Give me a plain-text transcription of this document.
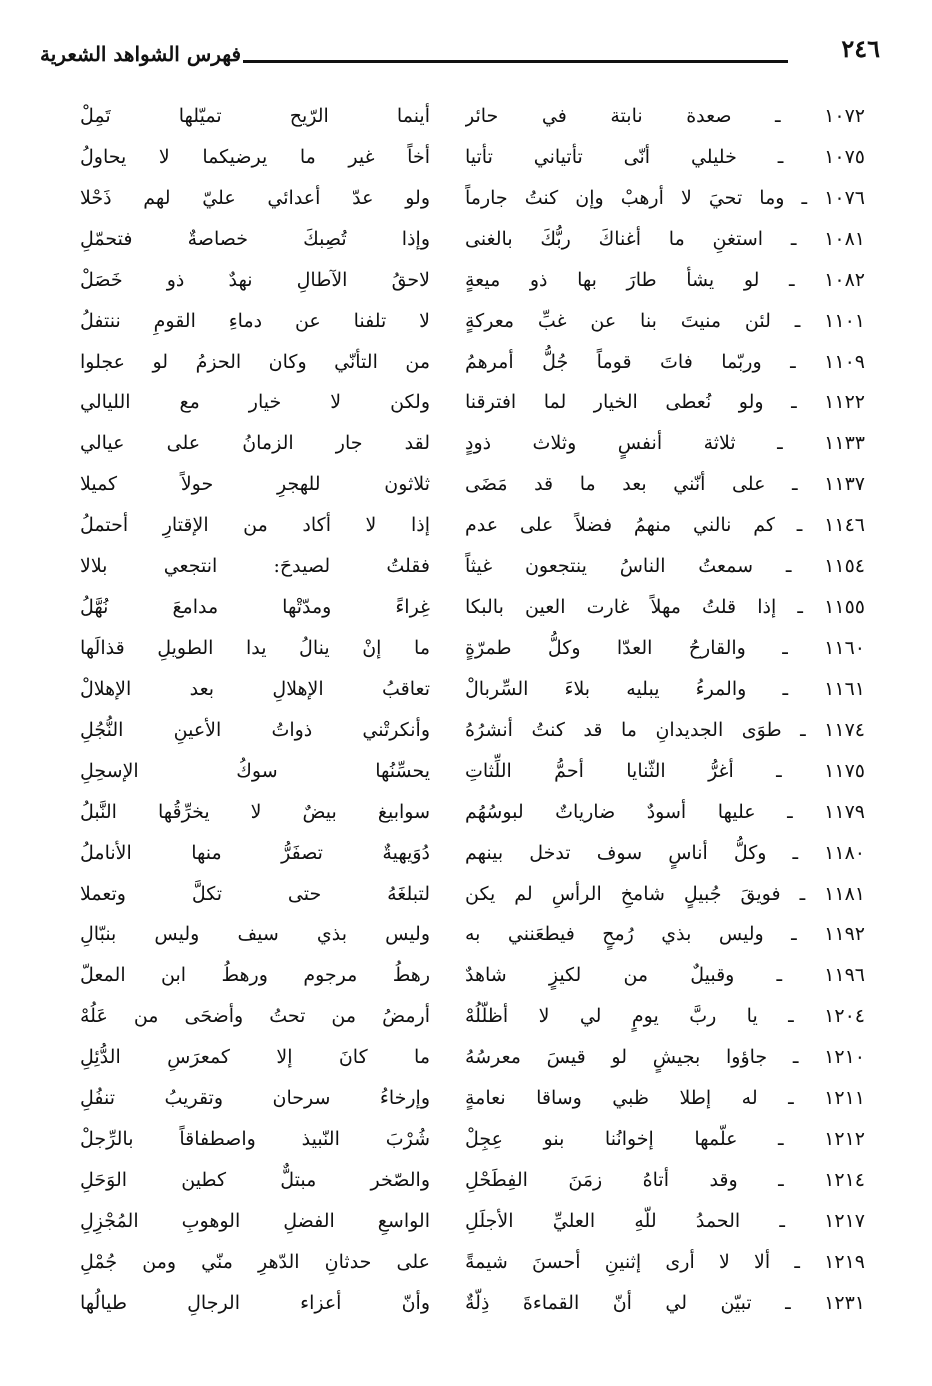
٢٤٦
فهرس الشواهد الشعرية
١٠٧٢ ـ صعدة نابتة في حائر
١٠٧٥ ـ خليلي أنّى تأتياني تأتيا
١٠٧٦ ـ وما تحيَ لا أرهبْ وإن كنتُ جارماً
١٠٨١ ـ استغنِ ما أغناكَ ربُّكَ بالغنى
١٠٨٢ ـ لو يشأ طارَ بها ذو ميعةٍ
١١٠١ ـ لئن منيتَ بنا عن غبِّ معركةٍ
١١٠٩ ـ وربّما فاتَ قوماً جُلُّ أمرهمُ
١١٢٢ ـ ولو نُعطى الخيار لما افترقنا
١١٣٣ ـ ثلاثة أنفسٍ وثلاث ذودٍ
١١٣٧ ـ على أنّني بعد ما قد مَضَى
١١٤٦ ـ كم نالني منهمُ فضلاً على عدم
١١٥٤ ـ سمعتُ الناسُ ينتجعون غيثاً
١١٥٥ ـ إذا قلتُ مهلاً غارت العين بالبكا
١١٦٠ ـ والقارحُ العدّا وكلُّ طمرّةٍ
١١٦١ ـ والمرءُ يبليه بلاءَ السِّربالْ
١١٧٤ ـ طوَى الجديدانِ ما قد كنتُ أنشرُهُ
١١٧٥ ـ أغرُّ الثّنايا أحمُّ اللِّثاتِ
١١٧٩ ـ عليها أسودٌ ضارياتٌ لبوسُهُم
١١٨٠ ـ وكلُّ أناسٍ سوف تدخل بينهم
١١٨١ ـ فويقَ جُبيلٍ شامخِ الرأسِ لم يكن
١١٩٢ ـ وليس بذي رُمحٍ فيطعَنني به
١١٩٦ ـ وقبيلٌ من لكيزٍ شاهدٌ
١٢٠٤ ـ يا ربَّ يومٍ لي لا أظلّلُهْ
١٢١٠ ـ جاؤوا بجيشٍ لو قيسَ معرسُهُ
١٢١١ ـ له إطلا ظبي وساقا نعامةٍ
١٢١٢ ـ علّمها إخوانُنا بنو عِجِلْ
١٢١٤ ـ وقد أتاهُ زمَنَ الفِطَحْلِ
١٢١٧ ـ الحمدُ للّهِ العليِّ الأجلَلِ
١٢١٩ ـ ألا لا أرى إثنينِ أحسنَ شيمةً
١٢٣١ ـ تبيّن لي أنّ القماءةَ ذِلّةٌ
أينما الرّيح تميّلها تَمِلْ
أخاً غير ما يرضيكما لا يحاولُ
ولو عدّ أعدائي عليّ لهم ذَحْلا
وإذا تُصِبكَ خصاصةٌ فتحمّلِ
لاحقُ الآطالِ نهدٌ ذو خَصَلْ
لا تلفنا عن دماءِ القومِ ننتفلُ
من التأنّي وكان الحزمُ لو عجلوا
ولكن لا خيار مع الليالي
لقد جار الزمانُ على عيالي
ثلاثون للهجرِ حولاً كميلا
إذا لا أكاد من الإقتارِ أحتملُ
فقلتُ لصيدحَ: انتجعي بلالا
غِراءً ومدّتْها مدامعَ نُهَّلُ
ما إنْ ينالُ يدا الطويلِ قذالَها
تعاقبُ الإهلالِ بعد الإهلالْ
وأنكرتْني ذواتُ الأعينِ النُّجُلِ
يحسِّنُها سوكُ الإسحِلِ
سوابيغ بيضٌ لا يخرِّقُها النَّبلُ
دُوَيهيةٌ تصفَرُّ منها الأناملُ
لتبلغَهُ حتى تكلَّ وتعملا
وليس بذي سيف وليس بنبّالِ
رهطُ مرجوم ورهطُ ابن المعلّ
أرمضُ من تحتُ وأضحَى من عَلُهْ
ما كانَ إلا كمعرَسِ الدُّئِلِ
وإرخاءُ سرحان وتقريبُ تنفُلِ
شُرْبَ النّبيذ واصطفاقاً بالرِّجلْ
والصّخر مبتلٌّ كطين الوَحَلِ
الواسعِ الفضلِ الوهوبِ المُجْزِلِ
على حدثانِ الدّهرِ منّي ومن جُمْلِ
وأنّ أعزاء الرجالِ طيالُها
